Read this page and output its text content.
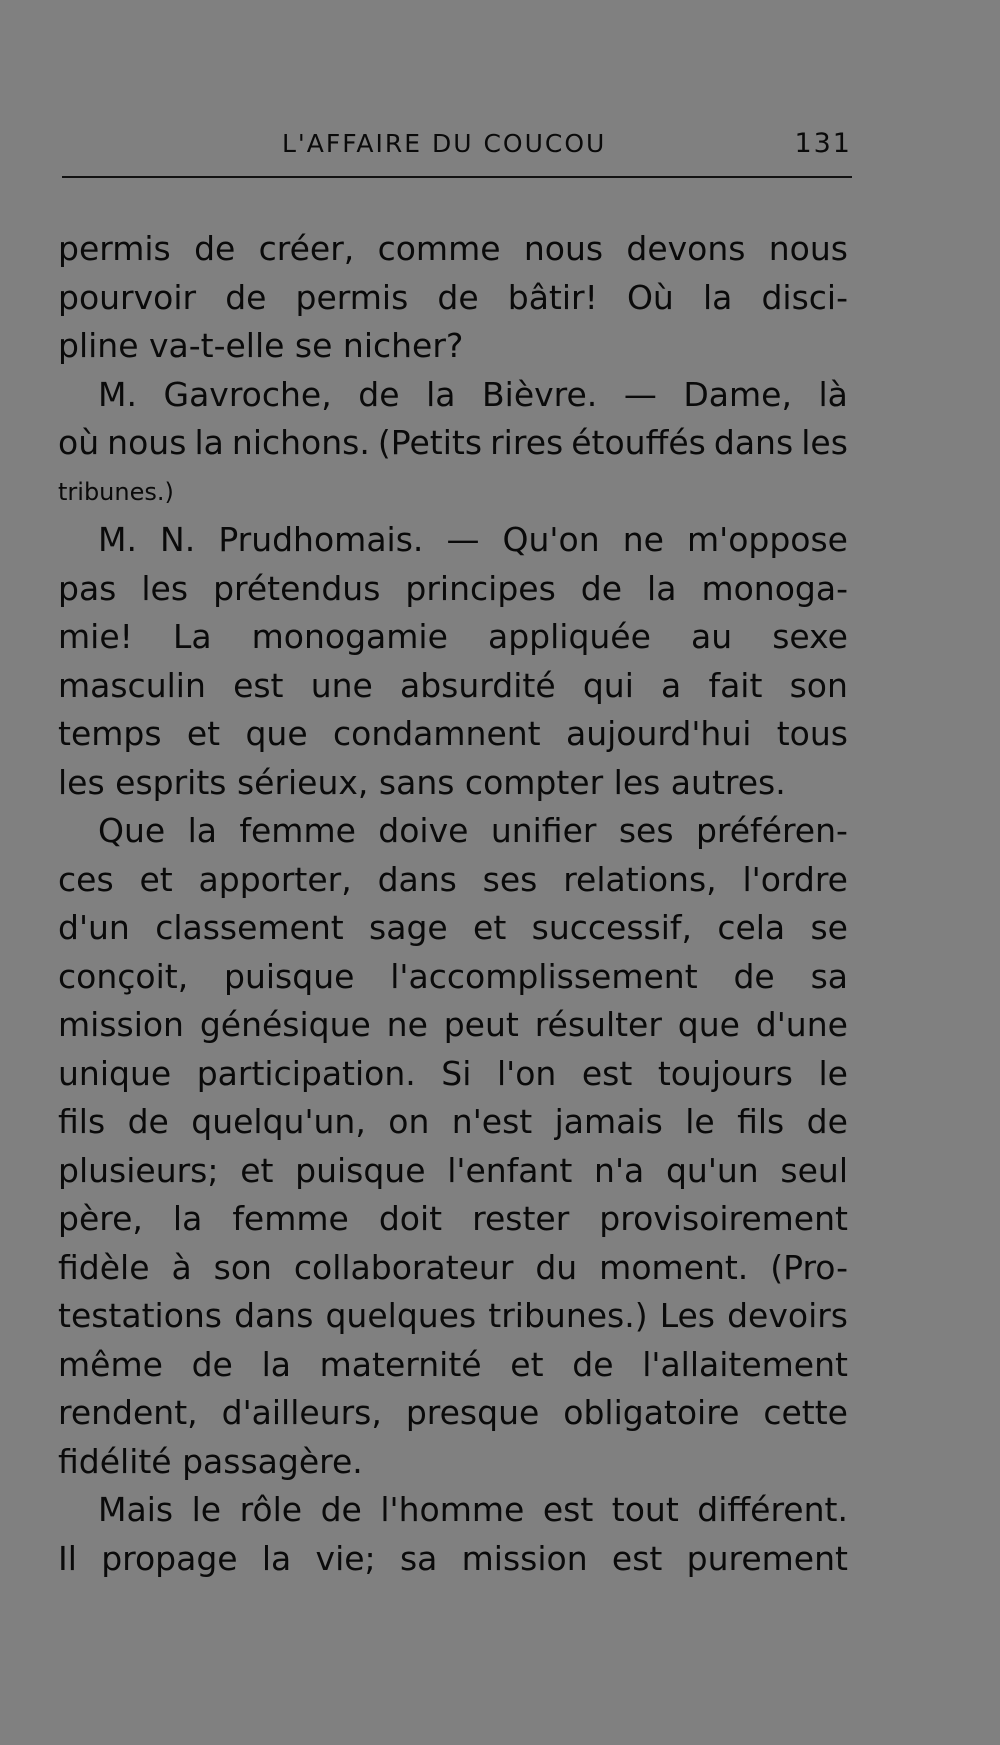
L'AFFAIRE DU COUCOU	131
permis de créer, comme nous devons nous
pourvoir de permis de bâtir! Où la disci-
pline va-t-elle se nicher?
M. Gavroche, de la Bièvre. — Dame, là
où nous la nichons. (Petits rires étouffés dans les
tribunes.)
M. N. Prudhomais. — Qu'on ne m'oppose
pas les prétendus principes de la monoga-
mie! La monogamie appliquée au sexe
masculin est une absurdité qui a fait son
temps et que condamnent aujourd'hui tous
les esprits sérieux, sans compter les autres.
Que la femme doive unifier ses préféren-
ces et apporter, dans ses relations, l'ordre
d'un classement sage et successif, cela se
conçoit, puisque l'accomplissement de sa
mission génésique ne peut résulter que d'une
unique participation. Si l'on est toujours le
fils de quelqu'un, on n'est jamais le fils de
plusieurs; et puisque l'enfant n'a qu'un seul
père, la femme doit rester provisoirement
fidèle à son collaborateur du moment. (Pro-
testations dans quelques tribunes.) Les devoirs
même de la maternité et de l'allaitement
rendent, d'ailleurs, presque obligatoire cette
fidélité passagère.
Mais le rôle de l'homme est tout différent.
Il propage la vie; sa mission est purement
